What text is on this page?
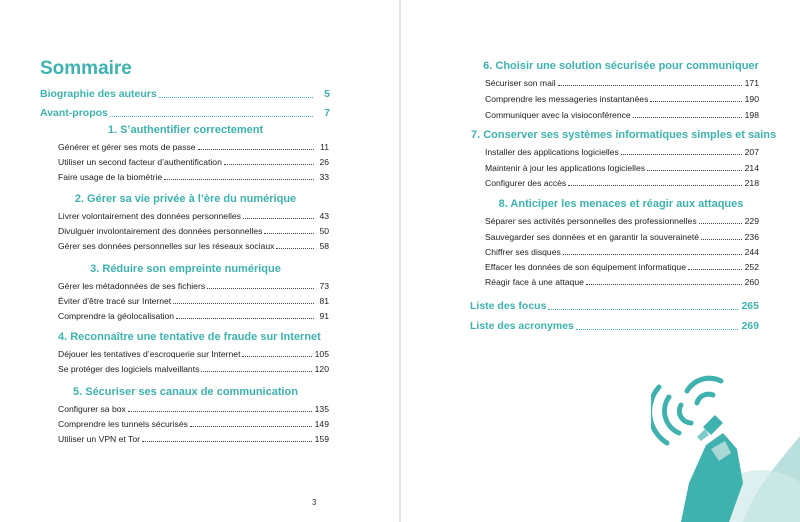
Sommaire
Biographie des auteurs	5
Avant-propos	7
1. S’authentifier correctement
Générer et gérer ses mots de passe	11
Utiliser un second facteur d’authentification	26
Faire usage de la biométrie	33
2. Gérer sa vie privée à l’ère du numérique
Livrer volontairement des données personnelles	43
Divulguer involontairement des données personnelles	50
Gérer ses données personnelles sur les réseaux sociaux	58
3. Réduire son empreinte numérique
Gérer les métadonnées de ses fichiers	73
Éviter d’être tracé sur Internet	81
Comprendre la géolocalisation	91
4. Reconnaître une tentative de fraude sur Internet
Déjouer les tentatives d’escroquerie sur Internet	105
Se protéger des logiciels malveillants	120
5. Sécuriser ses canaux de communication
Configurer sa box	135
Comprendre les tunnels sécurisés	149
Utiliser un VPN et Tor	159
3
6. Choisir une solution sécurisée pour communiquer
Sécuriser son mail	171
Comprendre les messageries instantanées	190
Communiquer avec la visioconférence	198
7. Conserver ses systèmes informatiques simples et sains
Installer des applications logicielles	207
Maintenir à jour les applications logicielles	214
Configurer des accès	218
8. Anticiper les menaces et réagir aux attaques
Séparer ses activités personnelles des professionnelles	229
Sauvegarder ses données et en garantir la souveraineté	236
Chiffrer ses disques	244
Effacer les données de son équipement informatique	252
Réagir face à une attaque	260
Liste des focus	265
Liste des acronymes	269
